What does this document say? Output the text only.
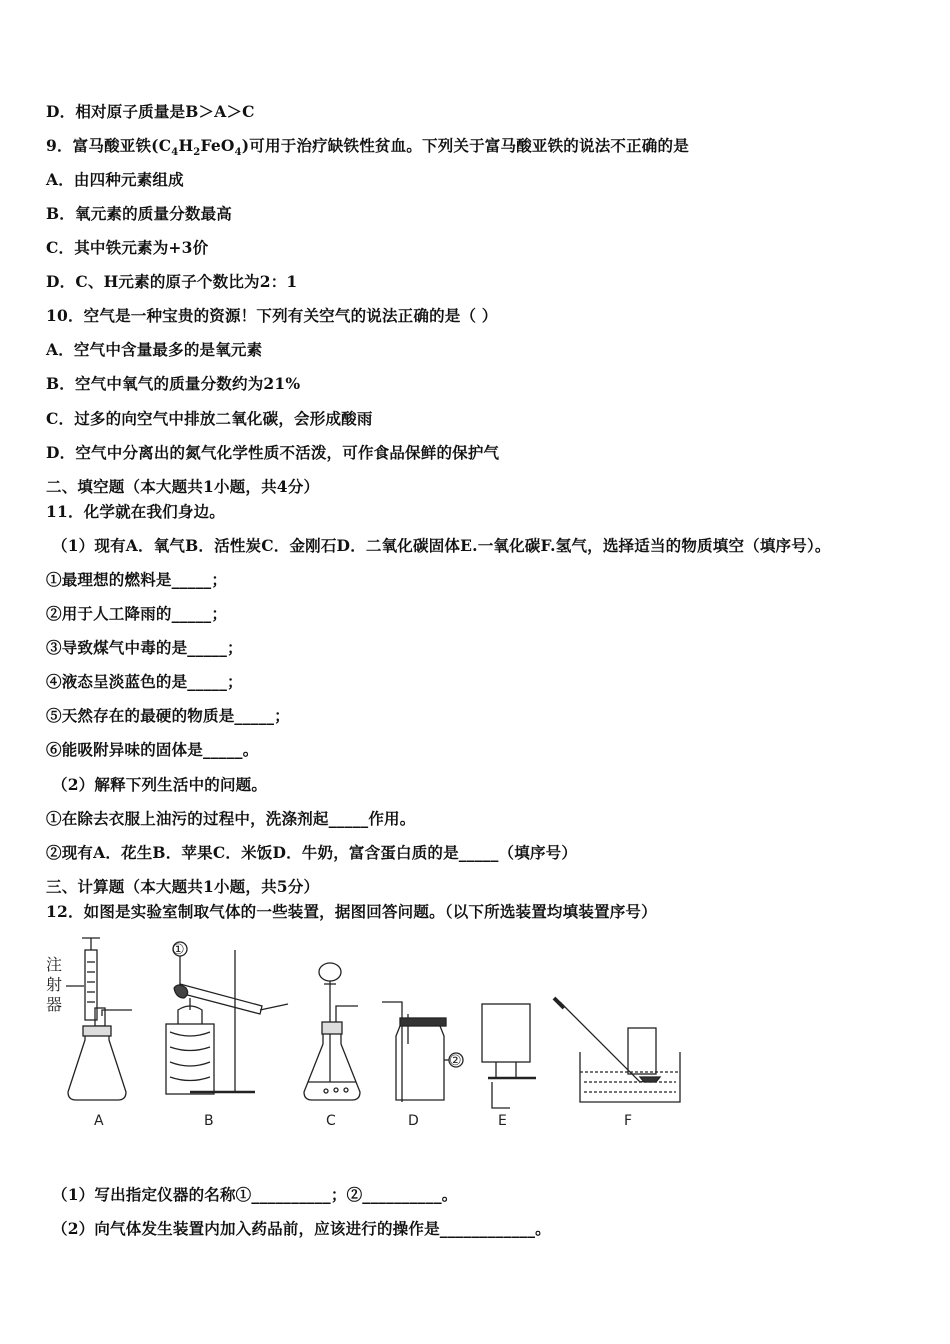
D．相对原子质量是B＞A＞C
9．富马酸亚铁$(C_4H_2FeO_4)$可用于治疗缺铁性贫血。下列关于富马酸亚铁的说法不正确的是
A．由四种元素组成
B．氧元素的质量分数最高
C．其中铁元素为+3价
D．C、H元素的原子个数比为2：1
10．空气是一种宝贵的资源！下列有关空气的说法正确的是（ ）
A．空气中含量最多的是氧元素
B．空气中氧气的质量分数约为21%
C．过多的向空气中排放二氧化碳，会形成酸雨
D．空气中分离出的氮气化学性质不活泼，可作食品保鲜的保护气
二、填空题（本大题共1小题，共4分）
11．化学就在我们身边。
（1）现有A．氧气B．活性炭C．金刚石D．二氧化碳固体E.一氧化碳F.氢气，选择适当的物质填空（填序号）。
①最理想的燃料是_____；
②用于人工降雨的_____；
③导致煤气中毒的是_____；
④液态呈淡蓝色的是_____；
⑤天然存在的最硬的物质是_____；
⑥能吸附异味的固体是_____。
（2）解释下列生活中的问题。
①在除去衣服上油污的过程中，洗涤剂起_____作用。
②现有A．花生B．苹果C．米饭D．牛奶，富含蛋白质的是_____（填序号）
三、计算题（本大题共1小题，共5分）
12．如图是实验室制取气体的一些装置，据图回答问题。（以下所选装置均填装置序号）
注
射
器
①
②
A	B	C	D	E	F
（1）写出指定仪器的名称①__________；②__________。
（2）向气体发生装置内加入药品前，应该进行的操作是____________。
